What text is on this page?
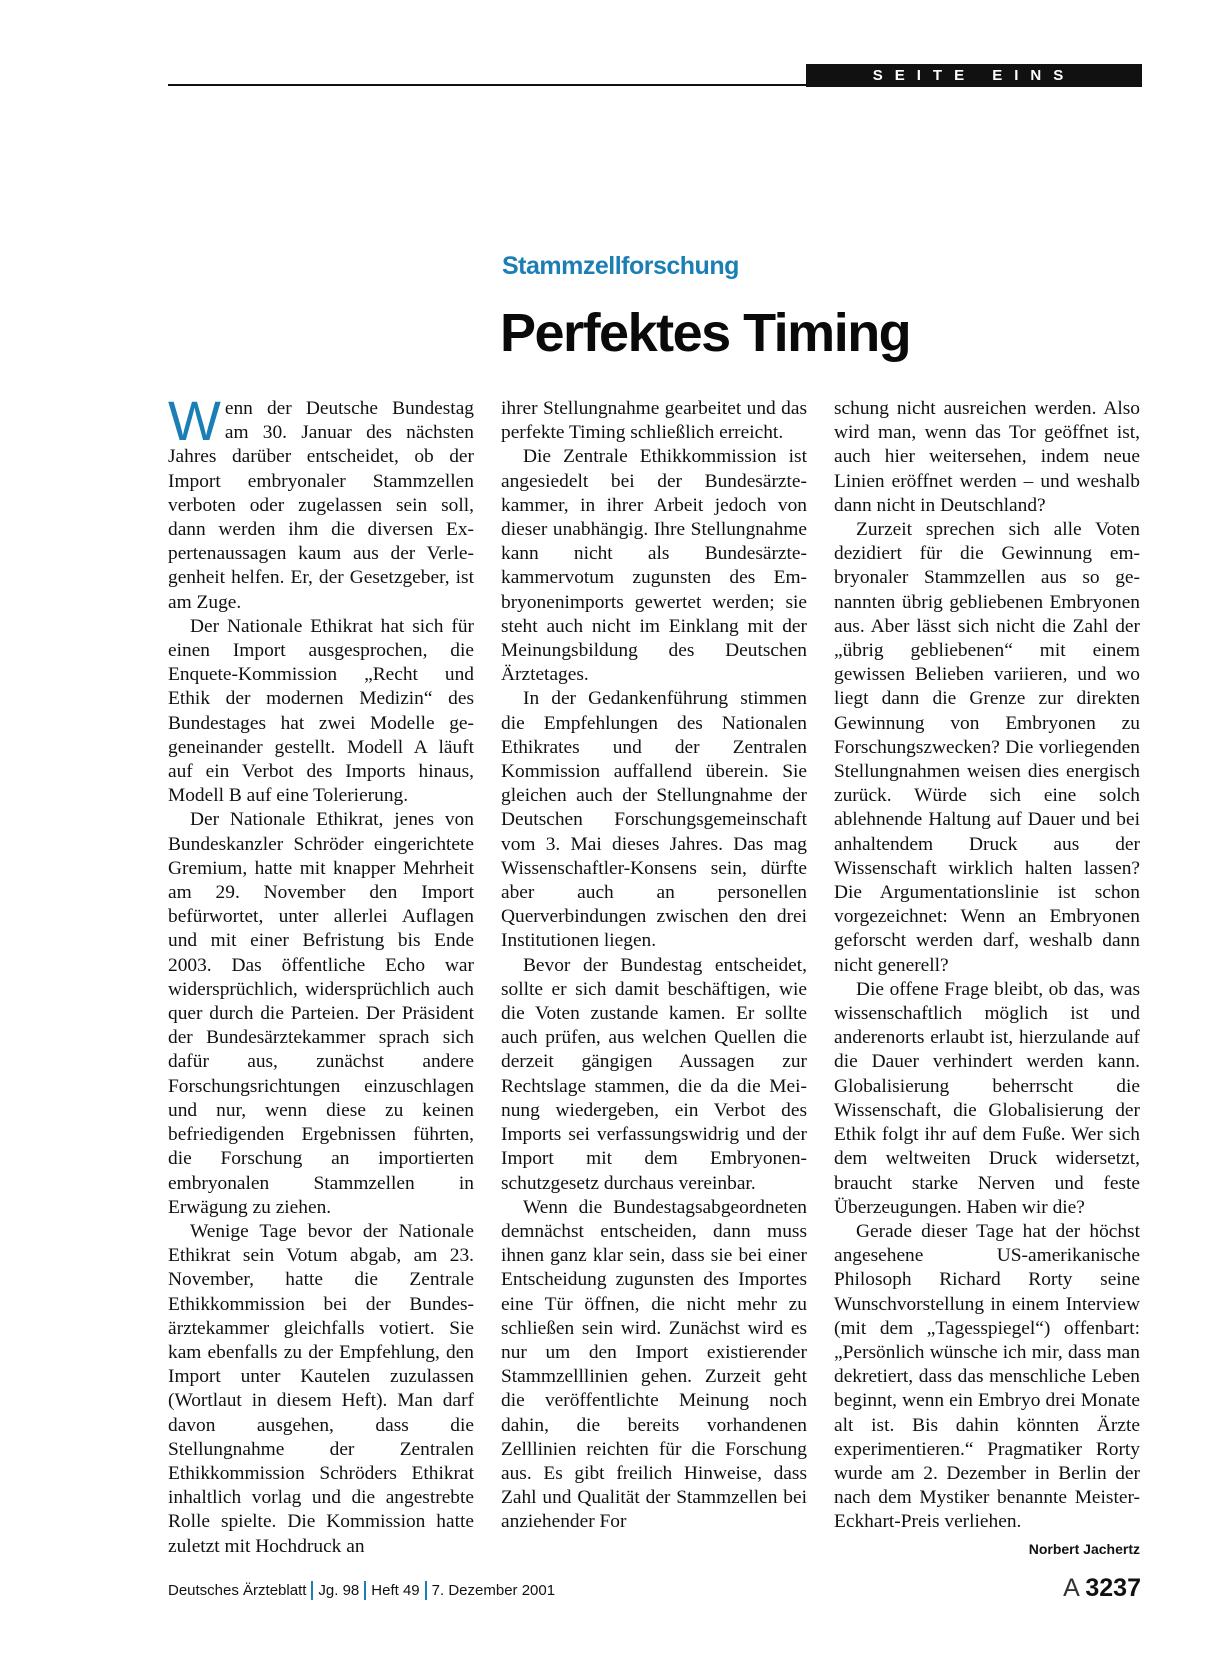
SEITE EINS
Stammzellforschung
Perfektes Timing

Wenn der Deutsche Bundestag am 30. Januar des nächsten Jahres darüber entscheidet, ob der Import embryonaler Stammzellen verboten oder zugelassen sein soll, dann werden ihm die diversen Expertenaussagen kaum aus der Verlegenheit helfen. Er, der Gesetzgeber, ist am Zuge.

Der Nationale Ethikrat hat sich für einen Import ausgesprochen, die Enquete-Kommission „Recht und Ethik der modernen Medizin“ des Bundestages hat zwei Modelle gegeneinander gestellt. Modell A läuft auf ein Verbot des Imports hinaus, Modell B auf eine Tolerierung.

Der Nationale Ethikrat, jenes von Bundeskanzler Schröder eingerichtete Gremium, hatte mit knapper Mehrheit am 29. November den Import befürwortet, unter allerlei Auflagen und mit einer Befristung bis Ende 2003. Das öffentliche Echo war widersprüchlich, widersprüchlich auch quer durch die Parteien. Der Präsident der Bundesärztekammer sprach sich dafür aus, zunächst andere Forschungsrichtungen einzuschlagen und nur, wenn diese zu keinen befriedigenden Ergebnissen führten, die Forschung an importierten embryonalen Stammzellen in Erwägung zu ziehen.

Wenige Tage bevor der Nationale Ethikrat sein Votum abgab, am 23. November, hatte die Zentrale Ethikkommission bei der Bundesärztekammer gleichfalls votiert. Sie kam ebenfalls zu der Empfehlung, den Import unter Kautelen zuzulassen (Wortlaut in diesem Heft). Man darf davon ausgehen, dass die Stellungnahme der Zentralen Ethikkommission Schröders Ethikrat inhaltlich vorlag und die angestrebte Rolle spielte. Die Kommission hatte zuletzt mit Hochdruck an

ihrer Stellungnahme gearbeitet und das perfekte Timing schließlich erreicht.

Die Zentrale Ethikkommission ist angesiedelt bei der Bundesärztekammer, in ihrer Arbeit jedoch von dieser unabhängig. Ihre Stellungnahme kann nicht als Bundesärztekammervotum zugunsten des Embryonenimports gewertet werden; sie steht auch nicht im Einklang mit der Meinungsbildung des Deutschen Ärztetages.

In der Gedankenführung stimmen die Empfehlungen des Nationalen Ethikrates und der Zentralen Kommission auffallend überein. Sie gleichen auch der Stellungnahme der Deutschen Forschungsgemeinschaft vom 3. Mai dieses Jahres. Das mag Wissenschaftler-Konsens sein, dürfte aber auch an personellen Querverbindungen zwischen den drei Institutionen liegen.

Bevor der Bundestag entscheidet, sollte er sich damit beschäftigen, wie die Voten zustande kamen. Er sollte auch prüfen, aus welchen Quellen die derzeit gängigen Aussagen zur Rechtslage stammen, die da die Meinung wiedergeben, ein Verbot des Imports sei verfassungswidrig und der Import mit dem Embryonenschutzgesetz durchaus vereinbar.

Wenn die Bundestagsabgeordneten demnächst entscheiden, dann muss ihnen ganz klar sein, dass sie bei einer Entscheidung zugunsten des Importes eine Tür öffnen, die nicht mehr zu schließen sein wird. Zunächst wird es nur um den Import existierender Stammzelllinien gehen. Zurzeit geht die veröffentlichte Meinung noch dahin, die bereits vorhandenen Zelllinien reichten für die Forschung aus. Es gibt freilich Hinweise, dass Zahl und Qualität der Stammzellen bei anziehender For

schung nicht ausreichen werden. Also wird man, wenn das Tor geöffnet ist, auch hier weitersehen, indem neue Linien eröffnet werden – und weshalb dann nicht in Deutschland?

Zurzeit sprechen sich alle Voten dezidiert für die Gewinnung embryonaler Stammzellen aus so genannten übrig gebliebenen Embryonen aus. Aber lässt sich nicht die Zahl der „übrig gebliebenen“ mit einem gewissen Belieben variieren, und wo liegt dann die Grenze zur direkten Gewinnung von Embryonen zu Forschungszwecken? Die vorliegenden Stellungnahmen weisen dies energisch zurück. Würde sich eine solch ablehnende Haltung auf Dauer und bei anhaltendem Druck aus der Wissenschaft wirklich halten lassen? Die Argumentationslinie ist schon vorgezeichnet: Wenn an Embryonen geforscht werden darf, weshalb dann nicht generell?

Die offene Frage bleibt, ob das, was wissenschaftlich möglich ist und anderenorts erlaubt ist, hierzulande auf die Dauer verhindert werden kann. Globalisierung beherrscht die Wissenschaft, die Globalisierung der Ethik folgt ihr auf dem Fuße. Wer sich dem weltweiten Druck widersetzt, braucht starke Nerven und feste Überzeugungen. Haben wir die?

Gerade dieser Tage hat der höchst angesehene US-amerikanische Philosoph Richard Rorty seine Wunschvorstellung in einem Interview (mit dem „Tagesspiegel“) offenbart: „Persönlich wünsche ich mir, dass man dekretiert, dass das menschliche Leben beginnt, wenn ein Embryo drei Monate alt ist. Bis dahin könnten Ärzte experimentieren.“ Pragmatiker Rorty wurde am 2. Dezember in Berlin der nach dem Mystiker benannte Meister-Eckhart-Preis verliehen.
Norbert Jachertz

Deutsches Ärzteblatt Jg. 98 Heft 49 7. Dezember 2001	A 3237
